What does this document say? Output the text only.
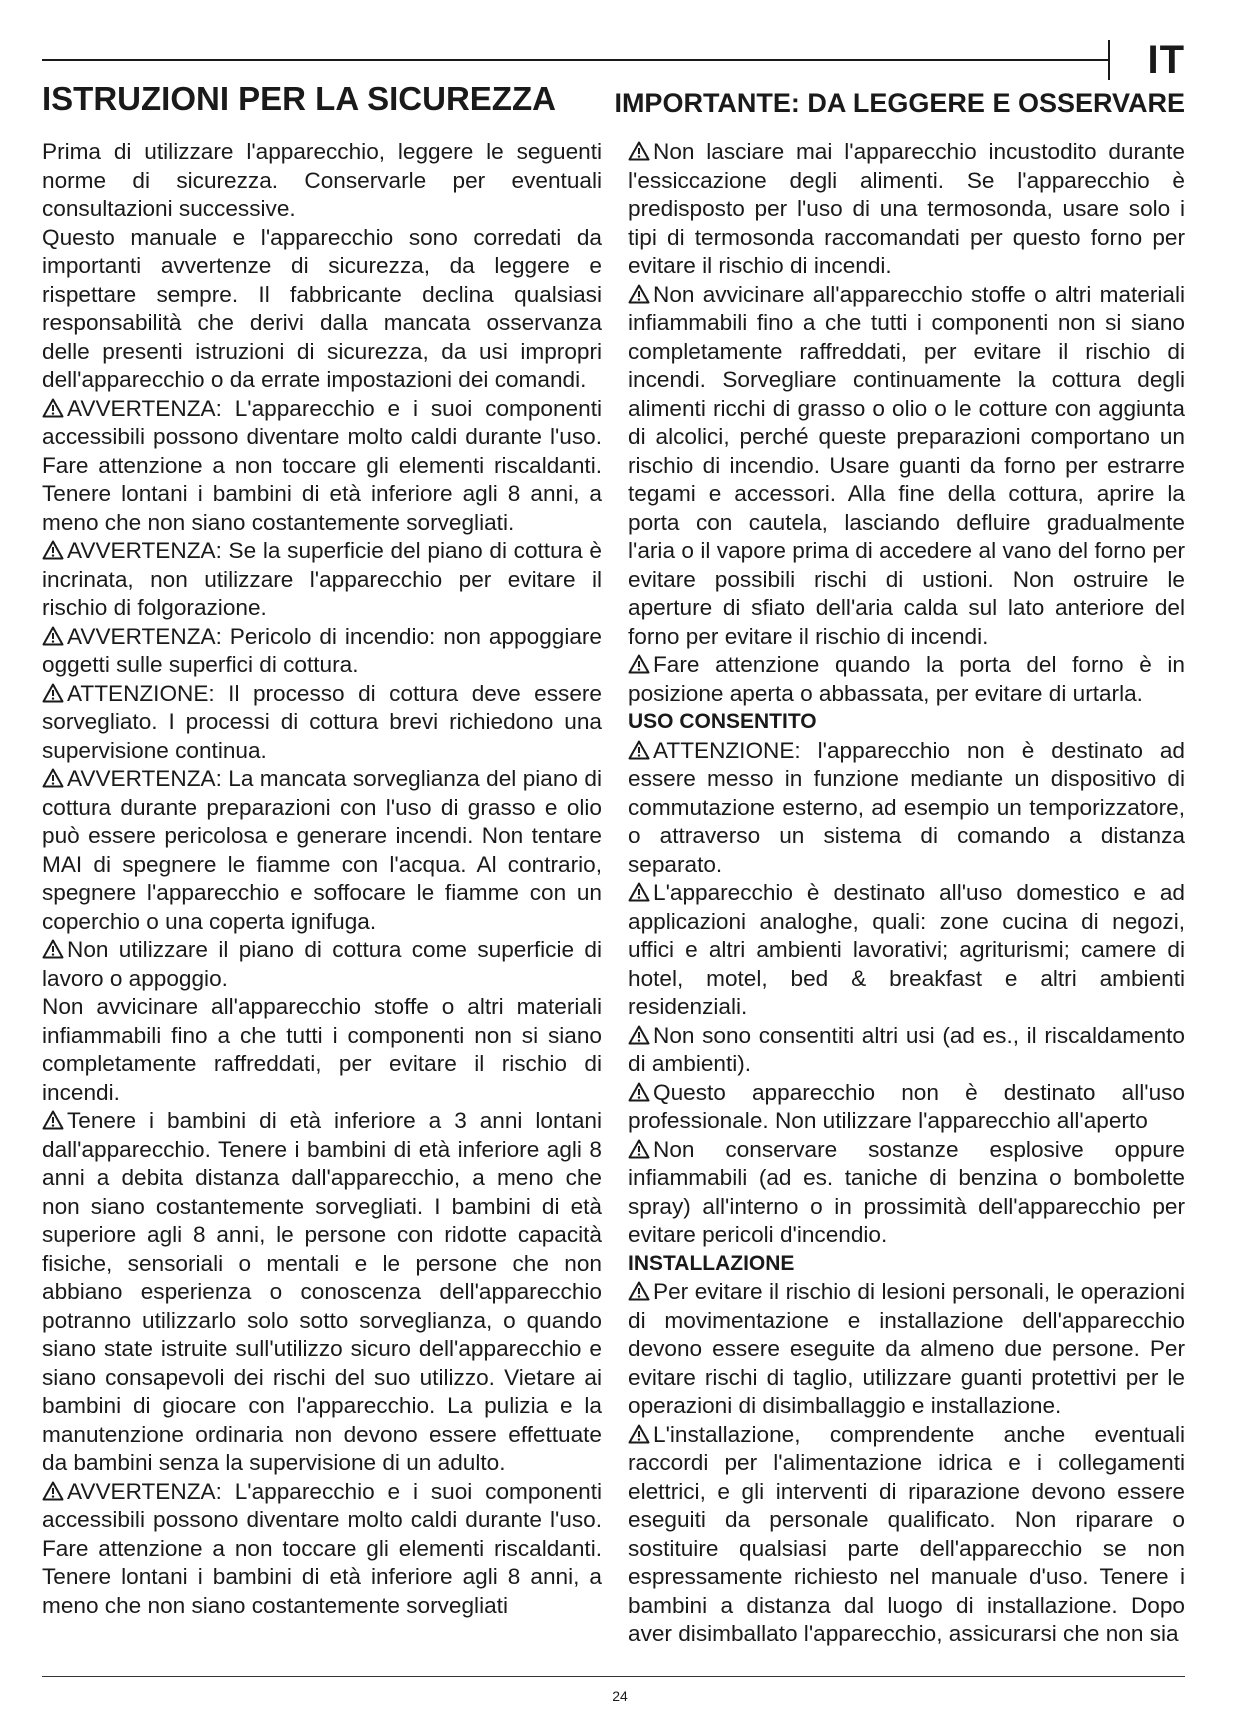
IT
ISTRUZIONI PER LA SICUREZZA IMPORTANTE: DA LEGGERE E OSSERVARE

Prima di utilizzare l'apparecchio, leggere le seguenti norme di sicurezza. Conservarle per eventuali consultazioni successive.

Questo manuale e l'apparecchio sono corredati da importanti avvertenze di sicurezza, da leggere e rispettare sempre. Il fabbricante declina qualsiasi responsabilità che derivi dalla mancata osservanza delle presenti istruzioni di sicurezza, da usi impropri dell'apparecchio o da errate impostazioni dei comandi.

AVVERTENZA: L'apparecchio e i suoi componenti accessibili possono diventare molto caldi durante l'uso. Fare attenzione a non toccare gli elementi riscaldanti. Tenere lontani i bambini di età inferiore agli 8 anni, a meno che non siano costantemente sorvegliati.

AVVERTENZA: Se la superficie del piano di cottura è incrinata, non utilizzare l'apparecchio per evitare il rischio di folgorazione.

AVVERTENZA: Pericolo di incendio: non appoggiare oggetti sulle superfici di cottura.

ATTENZIONE: Il processo di cottura deve essere sorvegliato. I processi di cottura brevi richiedono una supervisione continua.

AVVERTENZA: La mancata sorveglianza del piano di cottura durante preparazioni con l'uso di grasso e olio può essere pericolosa e generare incendi. Non tentare MAI di spegnere le fiamme con l'acqua. Al contrario, spegnere l'apparecchio e soffocare le fiamme con un coperchio o una coperta ignifuga.

Non utilizzare il piano di cottura come superficie di lavoro o appoggio.

Non avvicinare all'apparecchio stoffe o altri materiali infiammabili fino a che tutti i componenti non si siano completamente raffreddati, per evitare il rischio di incendi.

Tenere i bambini di età inferiore a 3 anni lontani dall'apparecchio. Tenere i bambini di età inferiore agli 8 anni a debita distanza dall'apparecchio, a meno che non siano costantemente sorvegliati. I bambini di età superiore agli 8 anni, le persone con ridotte capacità fisiche, sensoriali o mentali e le persone che non abbiano esperienza o conoscenza dell'apparecchio potranno utilizzarlo solo sotto sorveglianza, o quando siano state istruite sull'utilizzo sicuro dell'apparecchio e siano consapevoli dei rischi del suo utilizzo. Vietare ai bambini di giocare con l'apparecchio. La pulizia e la manutenzione ordinaria non devono essere effettuate da bambini senza la supervisione di un adulto.

AVVERTENZA: L'apparecchio e i suoi componenti accessibili possono diventare molto caldi durante l'uso. Fare attenzione a non toccare gli elementi riscaldanti. Tenere lontani i bambini di età inferiore agli 8 anni, a meno che non siano costantemente sorvegliati

Non lasciare mai l'apparecchio incustodito durante l'essiccazione degli alimenti. Se l'apparecchio è predisposto per l'uso di una termosonda, usare solo i tipi di termosonda raccomandati per questo forno per evitare il rischio di incendi.

Non avvicinare all'apparecchio stoffe o altri materiali infiammabili fino a che tutti i componenti non si siano completamente raffreddati, per evitare il rischio di incendi. Sorvegliare continuamente la cottura degli alimenti ricchi di grasso o olio o le cotture con aggiunta di alcolici, perché queste preparazioni comportano un rischio di incendio. Usare guanti da forno per estrarre tegami e accessori. Alla fine della cottura, aprire la porta con cautela, lasciando defluire gradualmente l'aria o il vapore prima di accedere al vano del forno per evitare possibili rischi di ustioni. Non ostruire le aperture di sfiato dell'aria calda sul lato anteriore del forno per evitare il rischio di incendi.

Fare attenzione quando la porta del forno è in posizione aperta o abbassata, per evitare di urtarla.

USO CONSENTITO

ATTENZIONE: l'apparecchio non è destinato ad essere messo in funzione mediante un dispositivo di commutazione esterno, ad esempio un temporizzatore, o attraverso un sistema di comando a distanza separato.

L'apparecchio è destinato all'uso domestico e ad applicazioni analoghe, quali: zone cucina di negozi, uffici e altri ambienti lavorativi; agriturismi; camere di hotel, motel, bed & breakfast e altri ambienti residenziali.

Non sono consentiti altri usi (ad es., il riscaldamento di ambienti).

Questo apparecchio non è destinato all'uso professionale. Non utilizzare l'apparecchio all'aperto

Non conservare sostanze esplosive oppure infiammabili (ad es. taniche di benzina o bombolette spray) all'interno o in prossimità dell'apparecchio per evitare pericoli d'incendio.

INSTALLAZIONE

Per evitare il rischio di lesioni personali, le operazioni di movimentazione e installazione dell'apparecchio devono essere eseguite da almeno due persone. Per evitare rischi di taglio, utilizzare guanti protettivi per le operazioni di disimballaggio e installazione.

L'installazione, comprendente anche eventuali raccordi per l'alimentazione idrica e i collegamenti elettrici, e gli interventi di riparazione devono essere eseguiti da personale qualificato. Non riparare o sostituire qualsiasi parte dell'apparecchio se non espressamente richiesto nel manuale d'uso. Tenere i bambini a distanza dal luogo di installazione. Dopo aver disimballato l'apparecchio, assicurarsi che non sia

24
